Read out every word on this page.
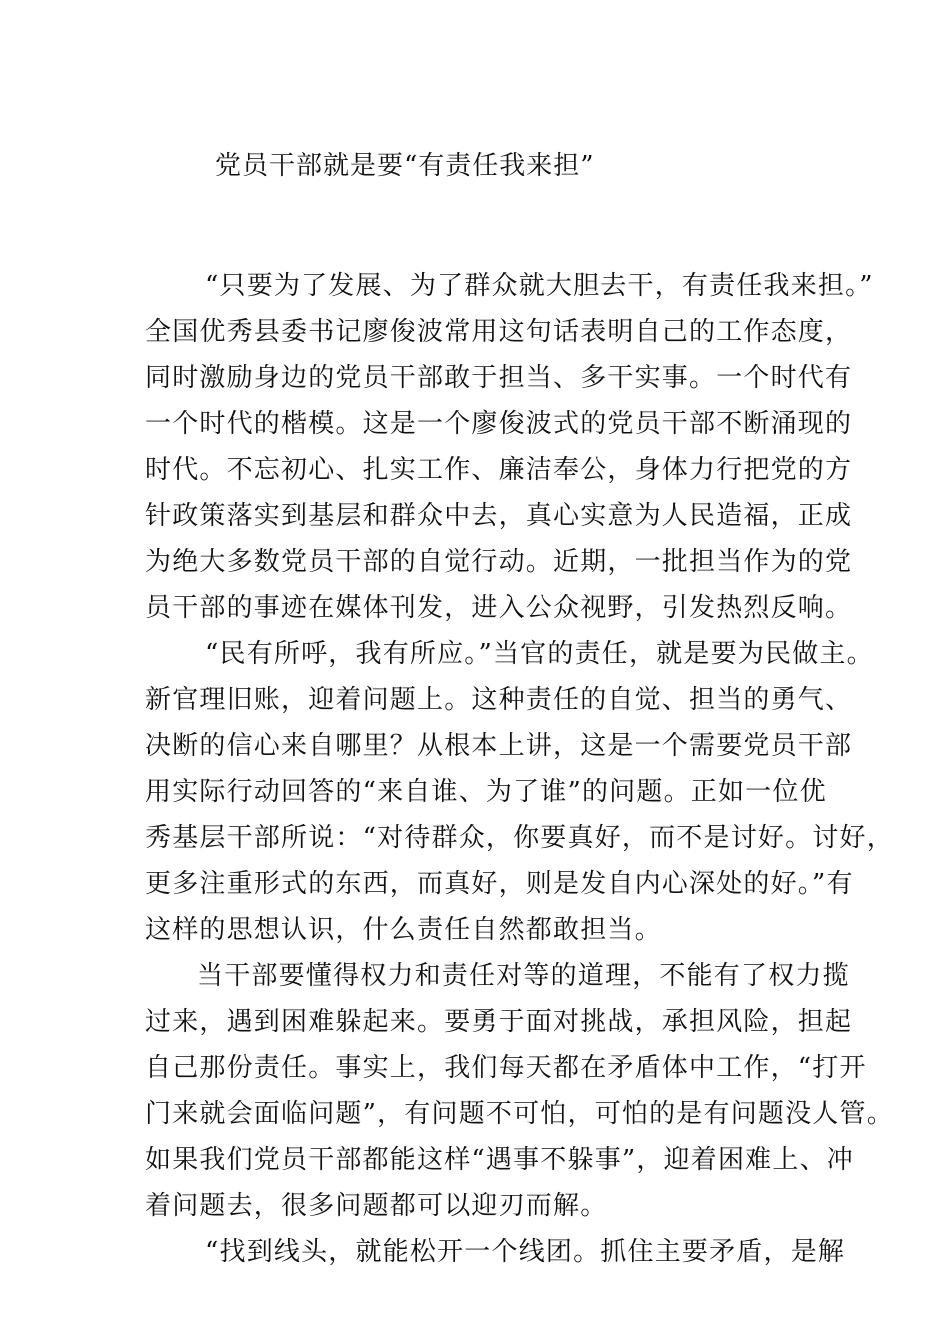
党员干部就是要“有责任我来担”
“只要为了发展、为了群众就大胆去干，有责任我来担。”
全国优秀县委书记廖俊波常用这句话表明自己的工作态度，
同时激励身边的党员干部敢于担当、多干实事。一个时代有
一个时代的楷模。这是一个廖俊波式的党员干部不断涌现的
时代。不忘初心、扎实工作、廉洁奉公，身体力行把党的方
针政策落实到基层和群众中去，真心实意为人民造福，正成
为绝大多数党员干部的自觉行动。近期，一批担当作为的党
员干部的事迹在媒体刊发，进入公众视野，引发热烈反响。
“民有所呼，我有所应。”当官的责任，就是要为民做主。
新官理旧账，迎着问题上。这种责任的自觉、担当的勇气、
决断的信心来自哪里？从根本上讲，这是一个需要党员干部
用实际行动回答的“来自谁、为了谁”的问题。正如一位优
秀基层干部所说：“对待群众，你要真好，而不是讨好。讨好，
更多注重形式的东西，而真好，则是发自内心深处的好。”有
这样的思想认识，什么责任自然都敢担当。
当干部要懂得权力和责任对等的道理，不能有了权力揽
过来，遇到困难躲起来。要勇于面对挑战，承担风险，担起
自己那份责任。事实上，我们每天都在矛盾体中工作，“打开
门来就会面临问题”，有问题不可怕，可怕的是有问题没人管。
如果我们党员干部都能这样“遇事不躲事”，迎着困难上、冲
着问题去，很多问题都可以迎刃而解。
“找到线头，就能松开一个线团。抓住主要矛盾，是解
